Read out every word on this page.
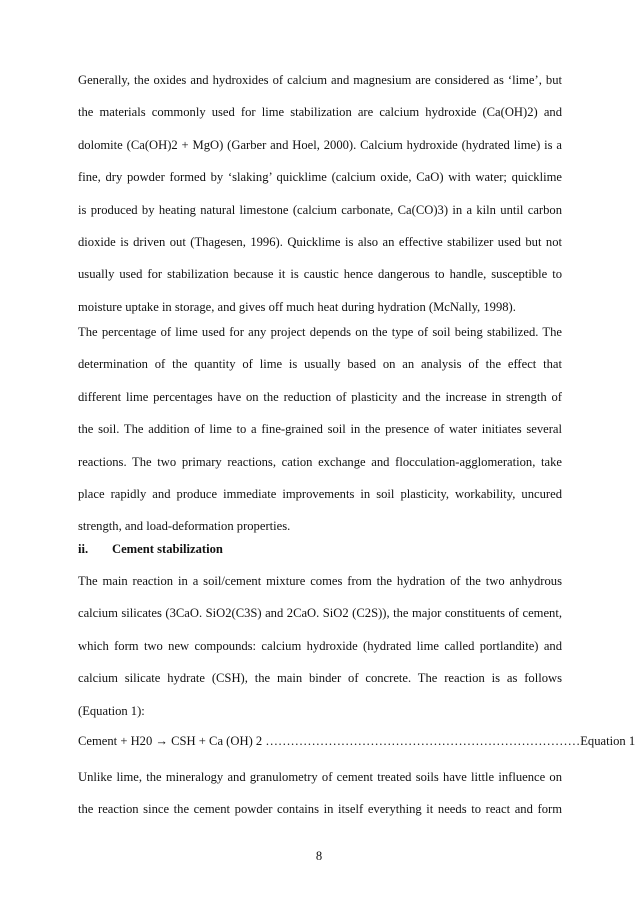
Generally, the oxides and hydroxides of calcium and magnesium are considered as ‘lime’, but
the materials commonly used for lime stabilization are calcium hydroxide (Ca(OH)2) and
dolomite (Ca(OH)2 + MgO) (Garber and Hoel, 2000). Calcium hydroxide (hydrated lime) is a
fine, dry powder formed by ‘slaking’ quicklime (calcium oxide, CaO) with water; quicklime
is produced by heating natural limestone (calcium carbonate, Ca(CO)3) in a kiln until carbon
dioxide is driven out (Thagesen, 1996). Quicklime is also an effective stabilizer used but not
usually used for stabilization because it is caustic hence dangerous to handle, susceptible to
moisture uptake in storage, and gives off much heat during hydration (McNally, 1998).
The percentage of lime used for any project depends on the type of soil being stabilized. The
determination of the quantity of lime is usually based on an analysis of the effect that
different lime percentages have on the reduction of plasticity and the increase in strength of
the soil. The addition of lime to a fine-grained soil in the presence of water initiates several
reactions. The two primary reactions, cation exchange and flocculation-agglomeration, take
place rapidly and produce immediate improvements in soil plasticity, workability, uncured
strength, and load-deformation properties.
ii. Cement stabilization
The main reaction in a soil/cement mixture comes from the hydration of the two anhydrous
calcium silicates (3CaO. SiO2(C3S) and 2CaO. SiO2 (C2S)), the major constituents of cement,
which form two new compounds: calcium hydroxide (hydrated lime called portlandite) and
calcium silicate hydrate (CSH), the main binder of concrete. The reaction is as follows
(Equation 1):
Cement + H20 → CSH + Ca (OH) 2 …………………………………………………………………Equation 1
Unlike lime, the mineralogy and granulometry of cement treated soils have little influence on
the reaction since the cement powder contains in itself everything it needs to react and form
8
